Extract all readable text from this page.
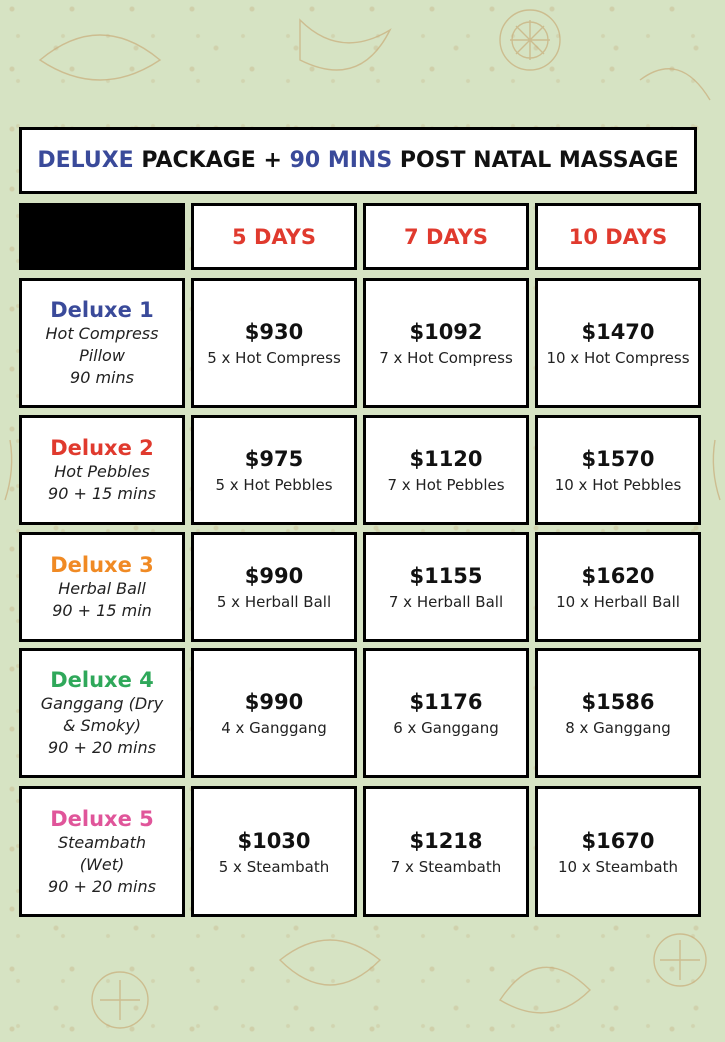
DELUXE PACKAGE + 90 MINS POST NATAL MASSAGE
5 DAYS	7 DAYS	10 DAYS
Deluxe 1
Hot Compress
Pillow
90 mins
$930
5 x Hot Compress
$1092
7 x Hot Compress
$1470
10 x Hot Compress
Deluxe 2
Hot Pebbles
90 + 15 mins
$975
5 x Hot Pebbles
$1120
7 x Hot Pebbles
$1570
10 x Hot Pebbles
Deluxe 3
Herbal Ball
90 + 15 min
$990
5 x Herball Ball
$1155
7 x Herball Ball
$1620
10 x Herball Ball
Deluxe 4
Ganggang (Dry
& Smoky)
90 + 20 mins
$990
4 x Ganggang
$1176
6 x Ganggang
$1586
8 x Ganggang
Deluxe 5
Steambath
(Wet)
90 + 20 mins
$1030
5 x Steambath
$1218
7 x Steambath
$1670
10 x Steambath
